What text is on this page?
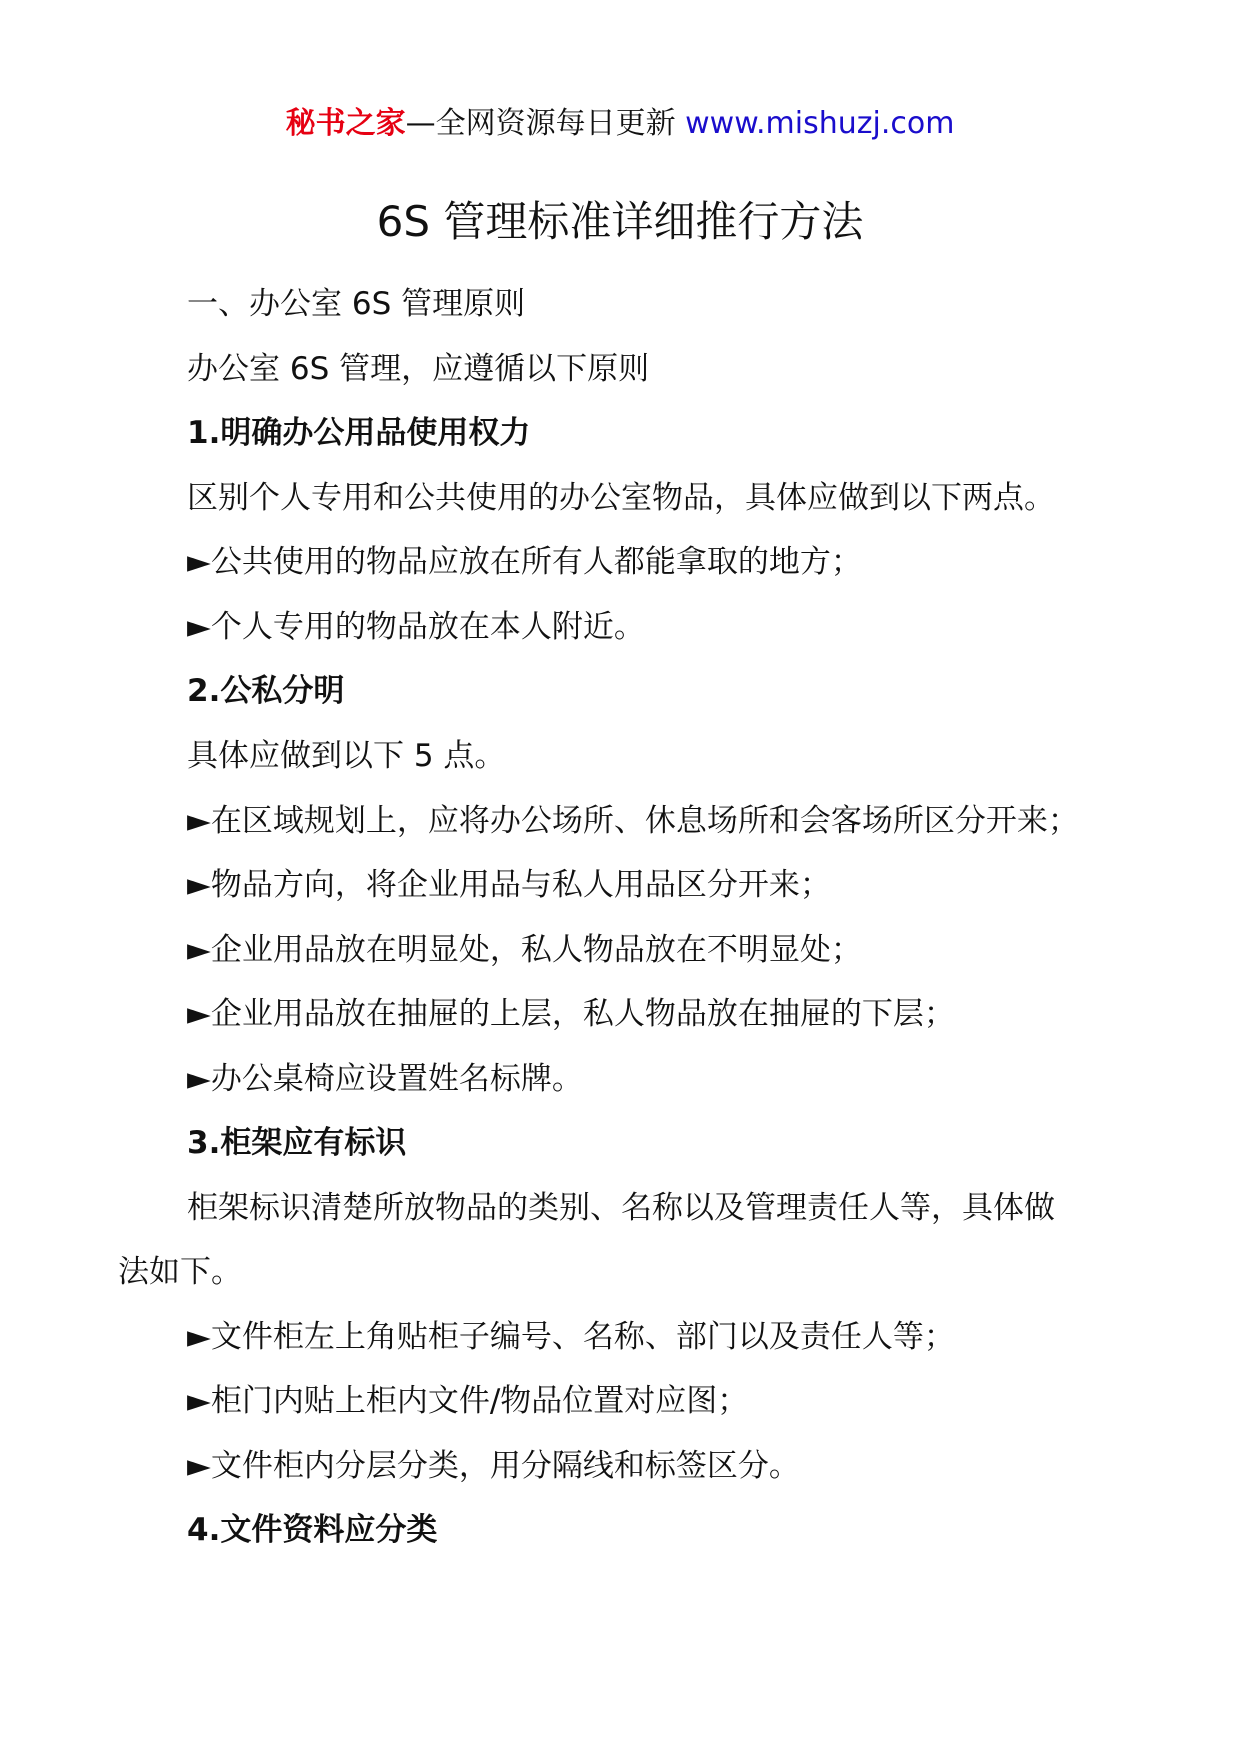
秘书之家—全网资源每日更新 www.mishuzj.com
6S 管理标准详细推行方法
一、办公室 6S 管理原则
办公室 6S 管理，应遵循以下原则
1.明确办公用品使用权力
区别个人专用和公共使用的办公室物品，具体应做到以下两点。
►公共使用的物品应放在所有人都能拿取的地方；
►个人专用的物品放在本人附近。
2.公私分明
具体应做到以下 5 点。
►在区域规划上，应将办公场所、休息场所和会客场所区分开来；
►物品方向，将企业用品与私人用品区分开来；
►企业用品放在明显处，私人物品放在不明显处；
►企业用品放在抽屉的上层，私人物品放在抽屉的下层；
►办公桌椅应设置姓名标牌。
3.柜架应有标识
柜架标识清楚所放物品的类别、名称以及管理责任人等，具体做
法如下。
►文件柜左上角贴柜子编号、名称、部门以及责任人等；
►柜门内贴上柜内文件/物品位置对应图；
►文件柜内分层分类，用分隔线和标签区分。
4.文件资料应分类
